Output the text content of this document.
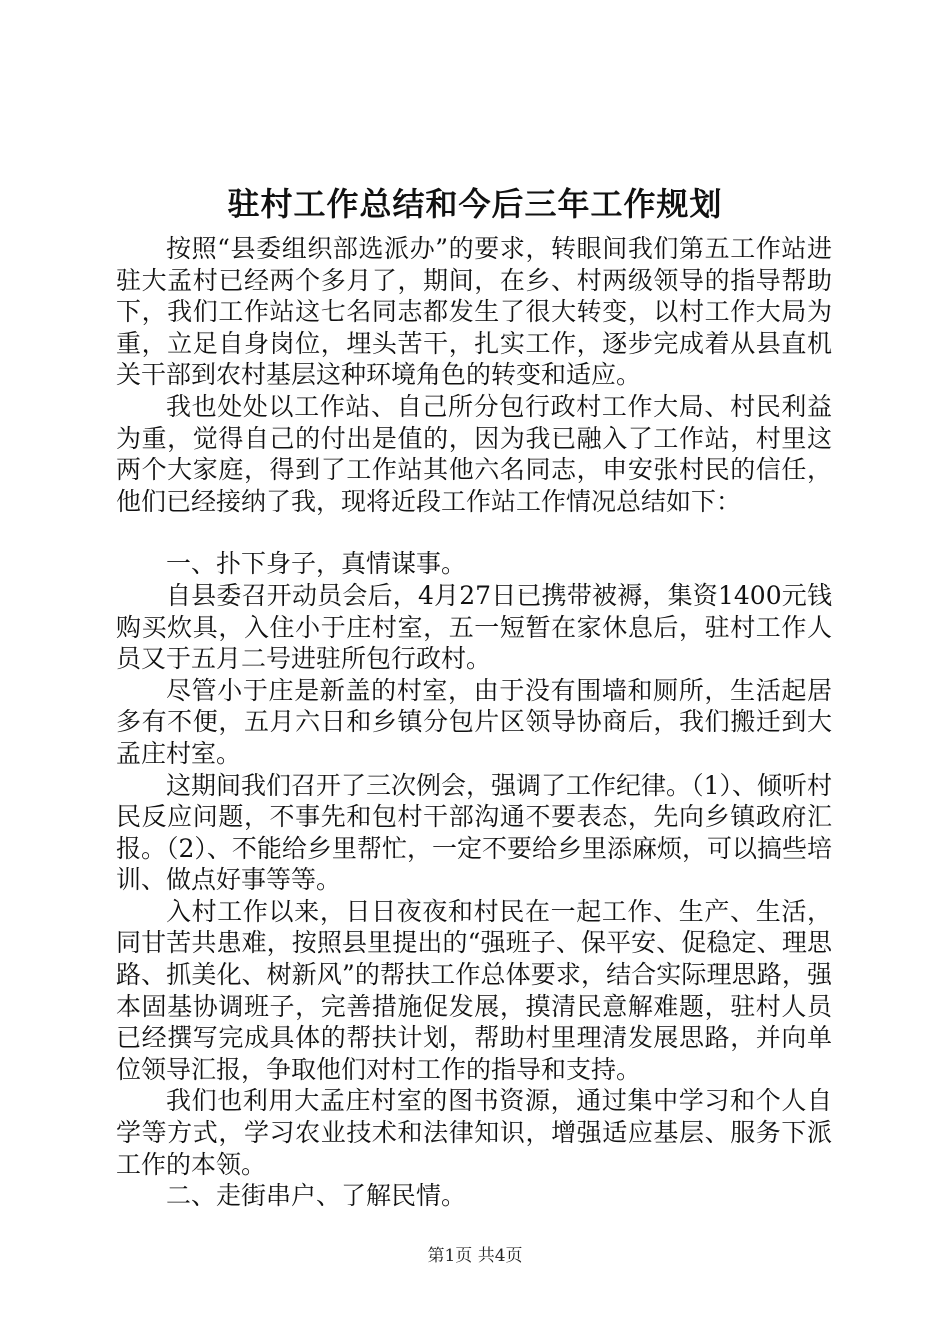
驻村工作总结和今后三年工作规划

按照“县委组织部选派办”的要求，转眼间我们第五工作站进驻大孟村已经两个多月了，期间，在乡、村两级领导的指导帮助下，我们工作站这七名同志都发生了很大转变，以村工作大局为重，立足自身岗位，埋头苦干，扎实工作，逐步完成着从县直机关干部到农村基层这种环境角色的转变和适应。

我也处处以工作站、自己所分包行政村工作大局、村民利益为重，觉得自己的付出是值的，因为我已融入了工作站，村里这两个大家庭，得到了工作站其他六名同志，申安张村民的信任，他们已经接纳了我，现将近段工作站工作情况总结如下：

一、扑下身子，真情谋事。

自县委召开动员会后，4月27日已携带被褥，集资1400元钱购买炊具，入住小于庄村室，五一短暂在家休息后，驻村工作人员又于五月二号进驻所包行政村。

尽管小于庄是新盖的村室，由于没有围墙和厕所，生活起居多有不便，五月六日和乡镇分包片区领导协商后，我们搬迁到大孟庄村室。

这期间我们召开了三次例会，强调了工作纪律。（1）、倾听村民反应问题，不事先和包村干部沟通不要表态，先向乡镇政府汇报。（2）、不能给乡里帮忙，一定不要给乡里添麻烦，可以搞些培训、做点好事等等。

入村工作以来，日日夜夜和村民在一起工作、生产、生活，同甘苦共患难，按照县里提出的“强班子、保平安、促稳定、理思路、抓美化、树新风”的帮扶工作总体要求，结合实际理思路，强本固基协调班子，完善措施促发展，摸清民意解难题，驻村人员已经撰写完成具体的帮扶计划，帮助村里理清发展思路，并向单位领导汇报，争取他们对村工作的指导和支持。

我们也利用大孟庄村室的图书资源，通过集中学习和个人自学等方式，学习农业技术和法律知识，增强适应基层、服务下派工作的本领。

二、走街串户、了解民情。

第1页 共4页
